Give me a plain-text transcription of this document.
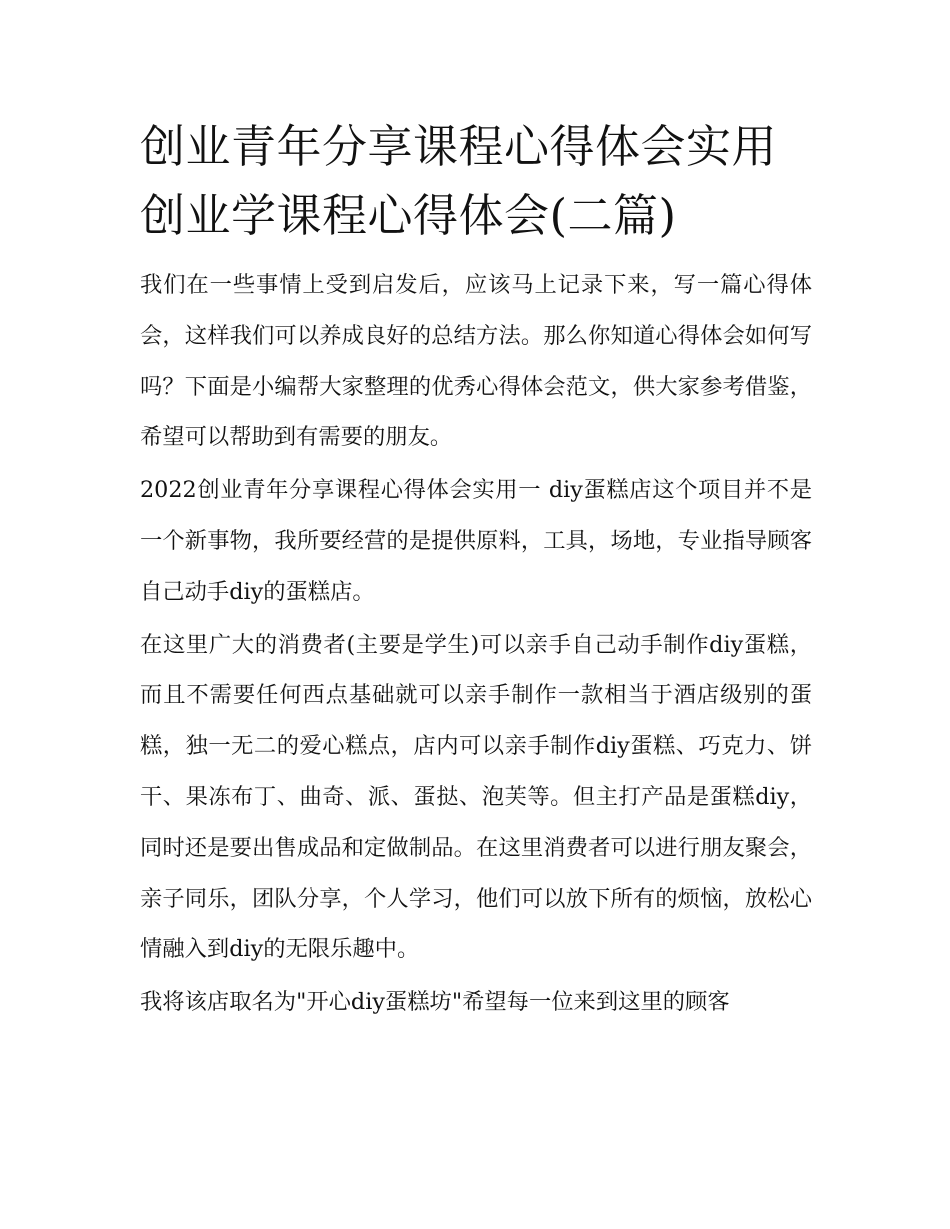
创业青年分享课程心得体会实用 创业学课程心得体会(二篇)

我们在一些事情上受到启发后，应该马上记录下来，写一篇心得体会，这样我们可以养成良好的总结方法。那么你知道心得体会如何写吗？下面是小编帮大家整理的优秀心得体会范文，供大家参考借鉴，希望可以帮助到有需要的朋友。

2022创业青年分享课程心得体会实用一 diy蛋糕店这个项目并不是一个新事物，我所要经营的是提供原料，工具，场地，专业指导顾客自己动手diy的蛋糕店。

在这里广大的消费者(主要是学生)可以亲手自己动手制作diy蛋糕，而且不需要任何西点基础就可以亲手制作一款相当于酒店级别的蛋糕，独一无二的爱心糕点，店内可以亲手制作diy蛋糕、巧克力、饼干、果冻布丁、曲奇、派、蛋挞、泡芙等。但主打产品是蛋糕diy，同时还是要出售成品和定做制品。在这里消费者可以进行朋友聚会，亲子同乐，团队分享，个人学习，他们可以放下所有的烦恼，放松心情融入到diy的无限乐趣中。

我将该店取名为"开心diy蛋糕坊"希望每一位来到这里的顾客
